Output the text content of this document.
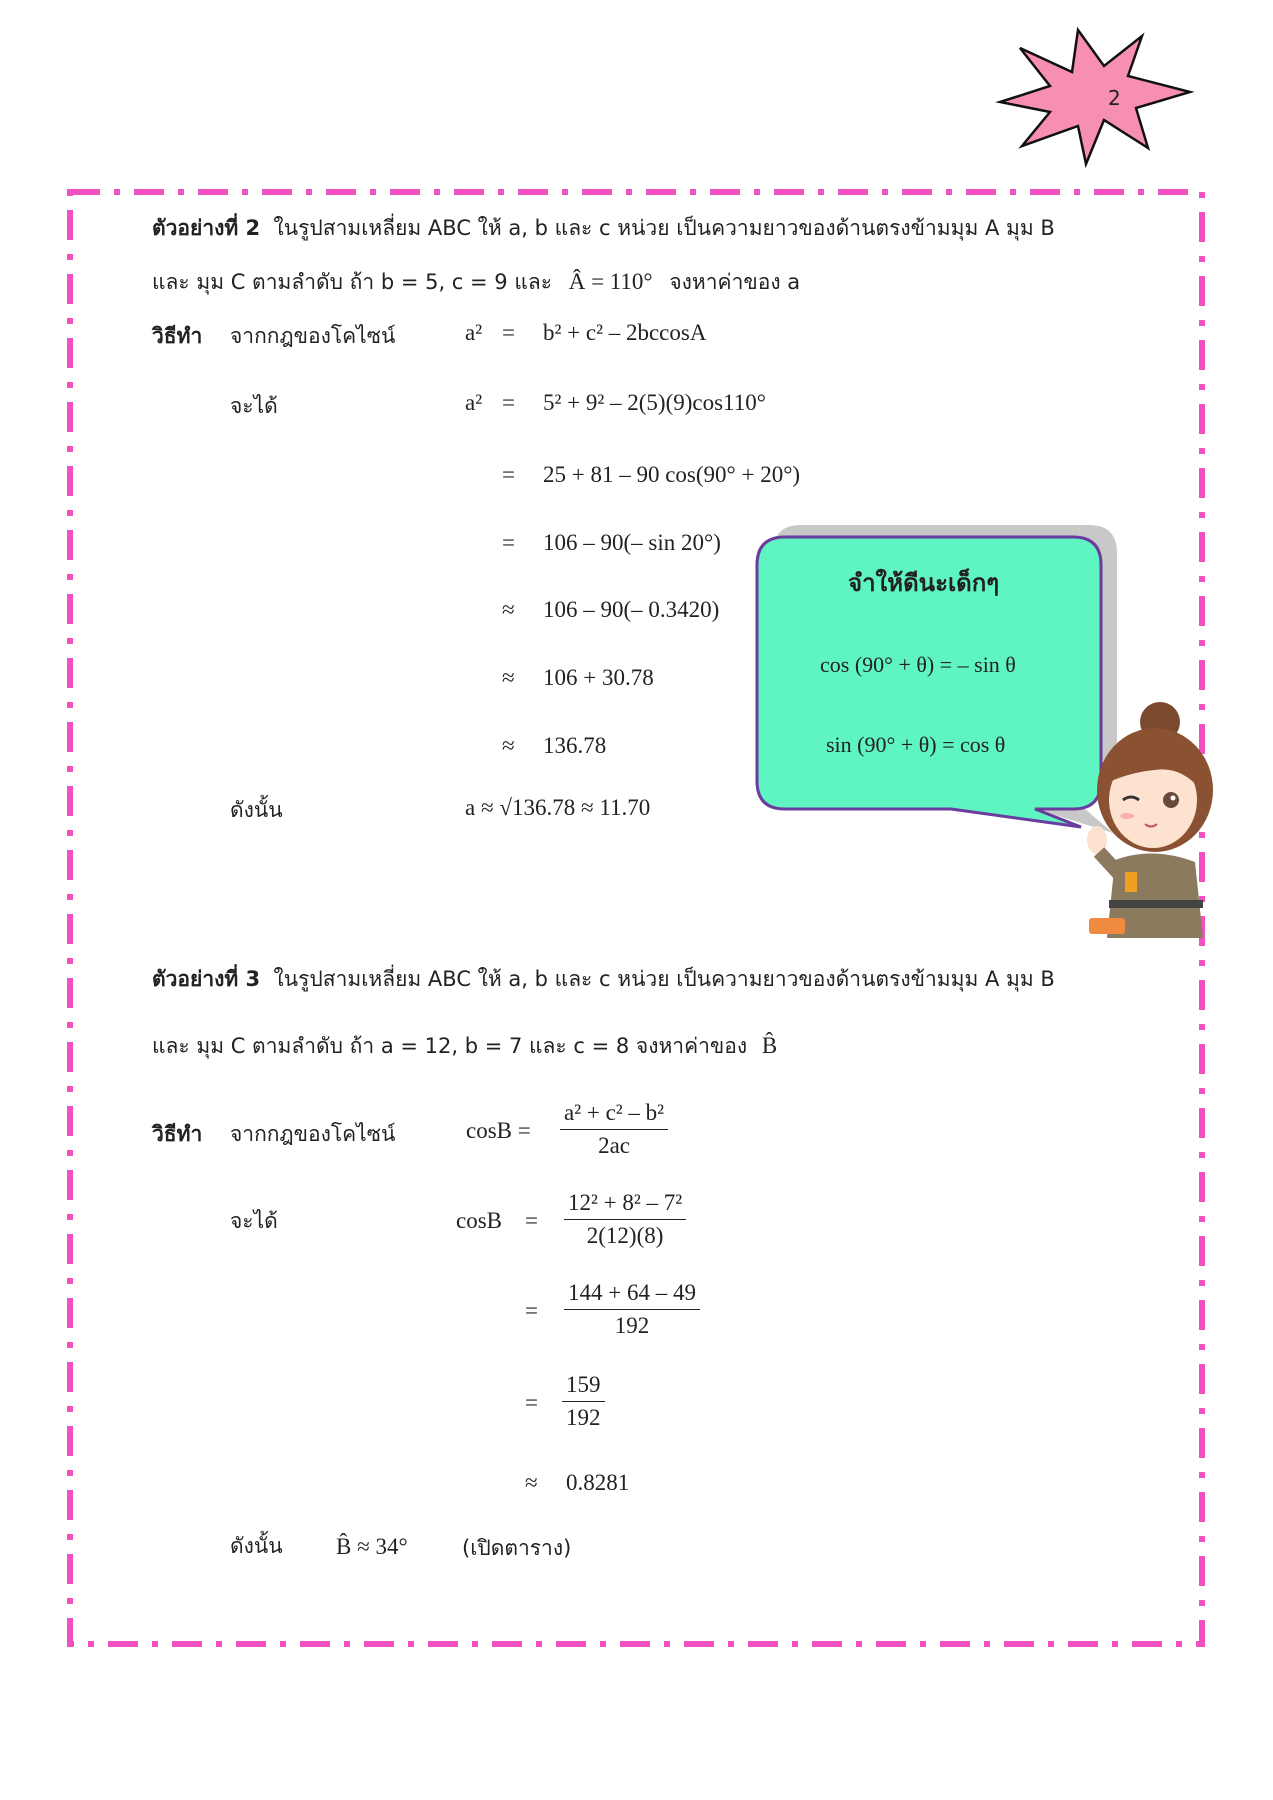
2
ตัวอย่างที่ 2 ในรูปสามเหลี่ยม ABC ให้ a, b และ c หน่วย เป็นความยาวของด้านตรงข้ามมุม A มุม B
และ มุม C ตามลำดับ ถ้า b = 5, c = 9 และ Â = 110° จงหาค่าของ a
วิธีทำ จากกฎของโคไซน์
จะได้
ดังนั้น
a² = b² + c² – 2bccosA
a² = 5² + 9² – 2(5)(9)cos110°
= 25 + 81 – 90 cos(90° + 20°)
= 106 – 90(– sin 20°)
≈ 106 – 90(– 0.3420)
≈ 106 + 30.78
≈ 136.78
a ≈ √136.78 ≈ 11.70
จำให้ดีนะเด็กๆ
cos (90° + θ) = – sin θ
sin (90° + θ) = cos θ
ตัวอย่างที่ 3 ในรูปสามเหลี่ยม ABC ให้ a, b และ c หน่วย เป็นความยาวของด้านตรงข้ามมุม A มุม B
และ มุม C ตามลำดับ ถ้า a = 12, b = 7 และ c = 8 จงหาค่าของ B̂
วิธีทำ จากกฎของโคไซน์
จะได้
ดังนั้น
$\cos B = \frac{\text{a² + c² – b²}}{2ac}$
$\cos B = \frac{\text{12² + 8² – 7²}}{2(12)(8)}$
= $\frac{144 + 64 - 49}{192}$
= $\frac{159}{192}$
≈ 0.8281
B̂ ≈ 34°	(เปิดตาราง)
